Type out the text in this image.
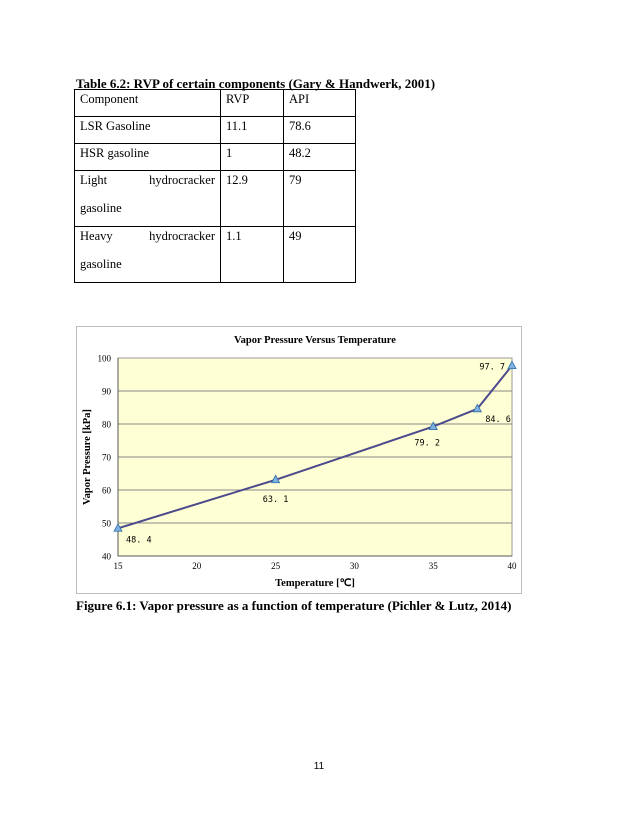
Table 6.2: RVP of certain components (Gary & Handwerk, 2001)
Component	RVP	API
LSR Gasoline	11.1	78.6
HSR gasoline	1	48.2

Light hydrocracker
gasoline	12.9	79

Heavy hydrocracker
gasoline	1.1	49
40
50
60
70
80
90
100
15	20	25	30	35	40
Vapor Pressure Versus Temperature
Temperature [℃]
Vapor Pressure [kPa]
48. 4
63. 1
79. 2
84. 6
97. 7
Figure 6.1: Vapor pressure as a function of temperature (Pichler & Lutz, 2014)
11
